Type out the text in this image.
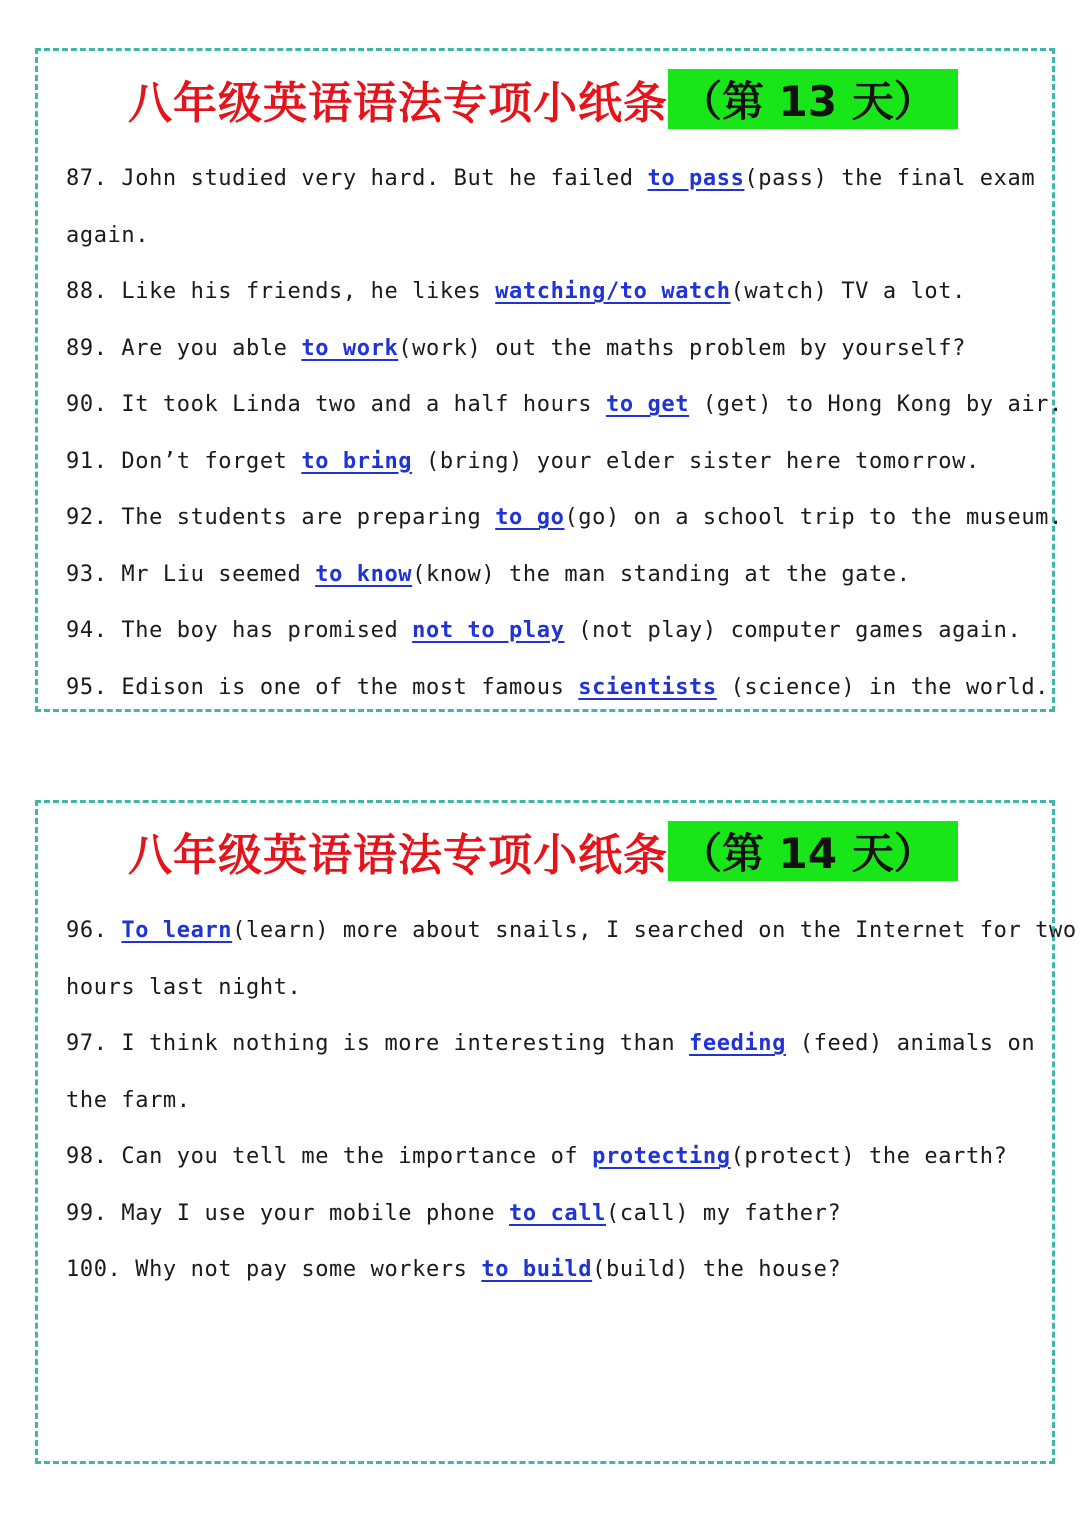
八年级英语语法专项小纸条 （第 13 天）
87. John studied very hard. But he failed to pass(pass) the final exam
again.
88. Like his friends, he likes watching/to watch(watch) TV a lot.
89. Are you able to work(work) out the maths problem by yourself?
90. It took Linda two and a half hours to get (get) to Hong Kong by air.
91. Don’t forget to bring (bring) your elder sister here tomorrow.
92. The students are preparing to go(go) on a school trip to the museum.
93. Mr Liu seemed to know(know) the man standing at the gate.
94. The boy has promised not to play (not play) computer games again.
95. Edison is one of the most famous scientists (science) in the world.
八年级英语语法专项小纸条 （第 14 天）
96. To learn(learn) more about snails, I searched on the Internet for two
hours last night.
97. I think nothing is more interesting than feeding (feed) animals on
the farm.
98. Can you tell me the importance of protecting(protect) the earth?
99. May I use your mobile phone to call(call) my father?
100. Why not pay some workers to build(build) the house?
